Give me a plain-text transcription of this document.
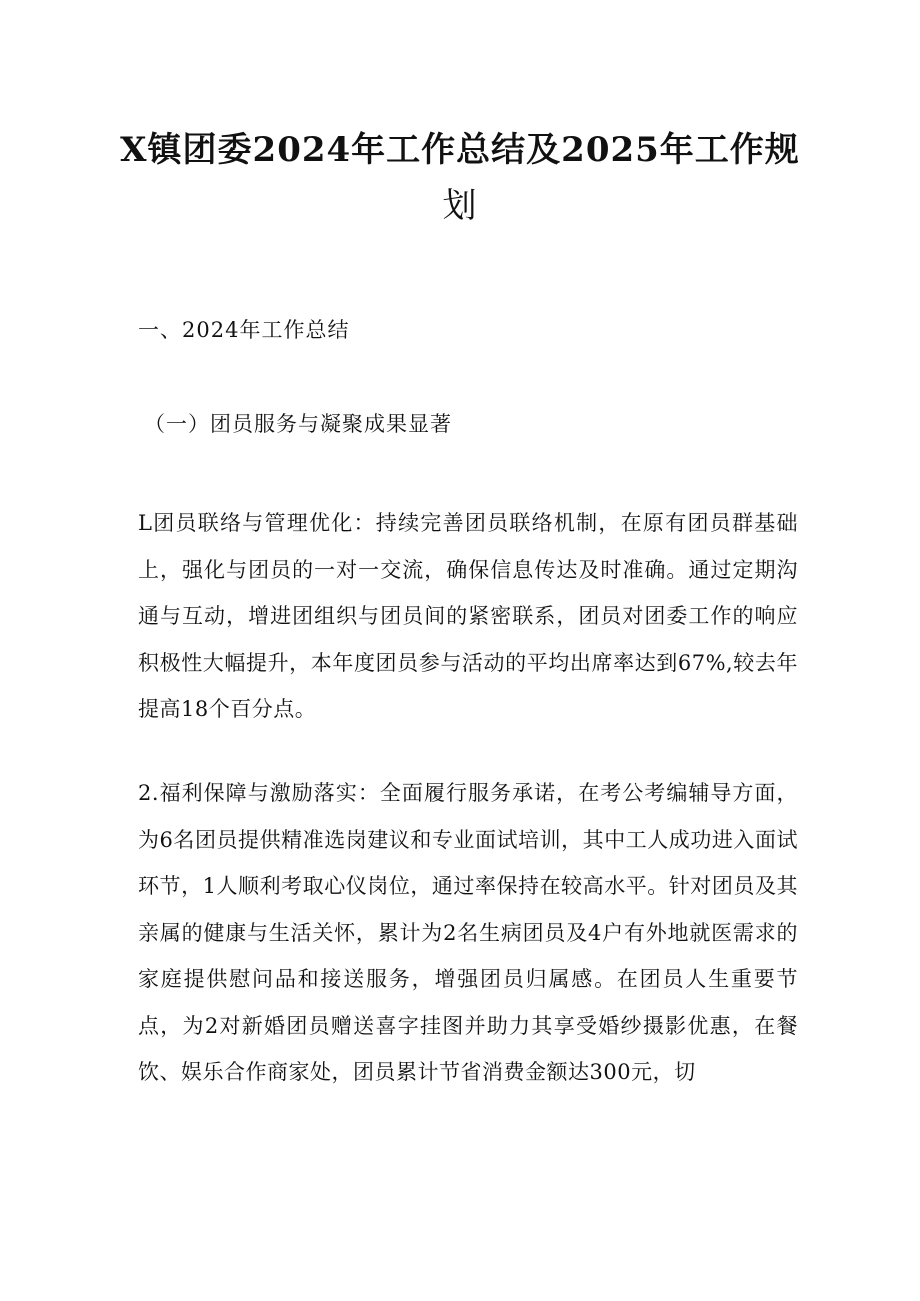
X镇团委2024年工作总结及2025年工作规
划
一、2024年工作总结
（一）团员服务与凝聚成果显著
L团员联络与管理优化：持续完善团员联络机制，在原有团员群基础上，强化与团员的一对一交流，确保信息传达及时准确。通过定期沟通与互动，增进团组织与团员间的紧密联系，团员对团委工作的响应积极性大幅提升，本年度团员参与活动的平均出席率达到67%,较去年提高18个百分点。
2.福利保障与激励落实：全面履行服务承诺，在考公考编辅导方面，为6名团员提供精准选岗建议和专业面试培训，其中工人成功进入面试环节，1人顺利考取心仪岗位，通过率保持在较高水平。针对团员及其亲属的健康与生活关怀，累计为2名生病团员及4户有外地就医需求的家庭提供慰问品和接送服务，增强团员归属感。在团员人生重要节点，为2对新婚团员赠送喜字挂图并助力其享受婚纱摄影优惠，在餐饮、娱乐合作商家处，团员累计节省消费金额达300元，切
